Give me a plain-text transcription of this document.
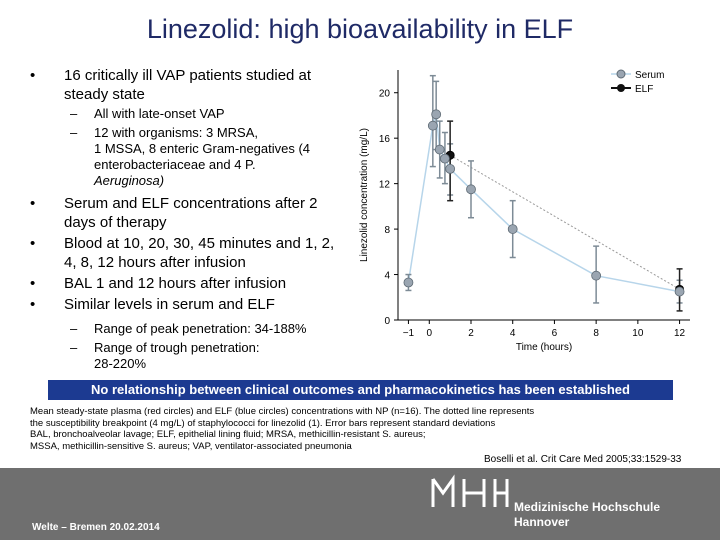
Linezolid: high bioavailability in ELF
• 16 critically ill VAP patients studied at steady state
– All with late-onset VAP
– 12 with organisms: 3 MRSA,
1 MSSA, 8 enteric Gram-negatives (4
enterobacteriaceae and 4 P.
Aeruginosa)
• Serum and ELF concentrations after 2 days of therapy
• Blood at 10, 20, 30, 45 minutes and 1, 2, 4, 8, 12 hours after infusion
• BAL 1 and 12 hours after infusion
• Similar levels in serum and ELF
– Range of peak penetration: 34-188%
– Range of trough penetration:
28-220%
0
4
8
12
16
20
−1 0	2	4	6	8	10	12
Time (hours)
Linezolid concentration (mg/L)
Serum
ELF
No relationship between clinical outcomes and pharmacokinetics has been established
Mean steady-state plasma (red circles) and ELF (blue circles) concentrations with NP (n=16). The dotted line represents
the susceptibility breakpoint (4 mg/L) of staphylococci for linezolid (1). Error bars represent standard deviations
BAL, bronchoalveolar lavage; ELF, epithelial lining fluid; MRSA, methicillin-resistant S. aureus;
MSSA, methicillin-sensitive S. aureus; VAP, ventilator-associated pneumonia
Boselli et al. Crit Care Med 2005;33:1529-33
Welte – Bremen 20.02.2014
Medizinische Hochschule
Hannover
